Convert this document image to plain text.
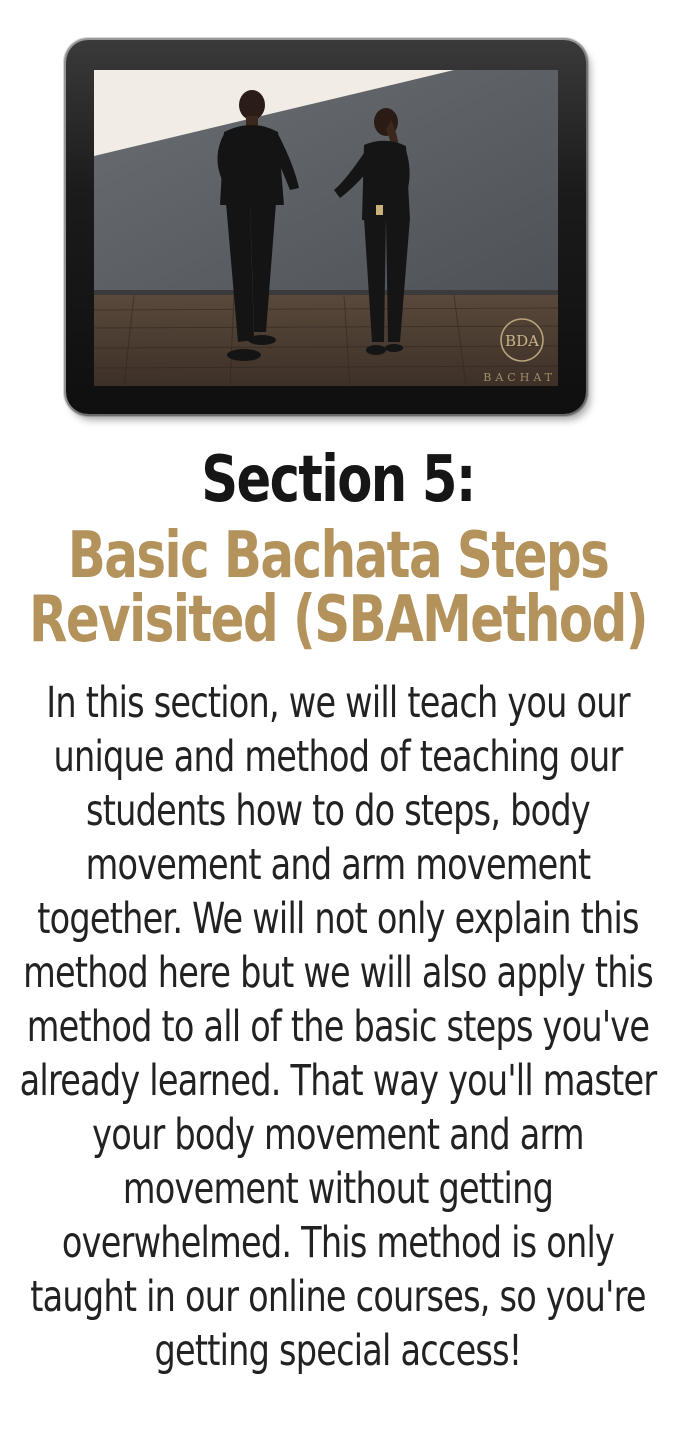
BDA
BACHAT
Section 5:
Basic Bachata Steps Revisited (SBAMethod)
In this section, we will teach you our unique and method of teaching our students how to do steps, body movement and arm movement together. We will not only explain this method here but we will also apply this method to all of the basic steps you've already learned. That way you'll master your body movement and arm movement without getting overwhelmed. This method is only taught in our online courses, so you're getting special access!
